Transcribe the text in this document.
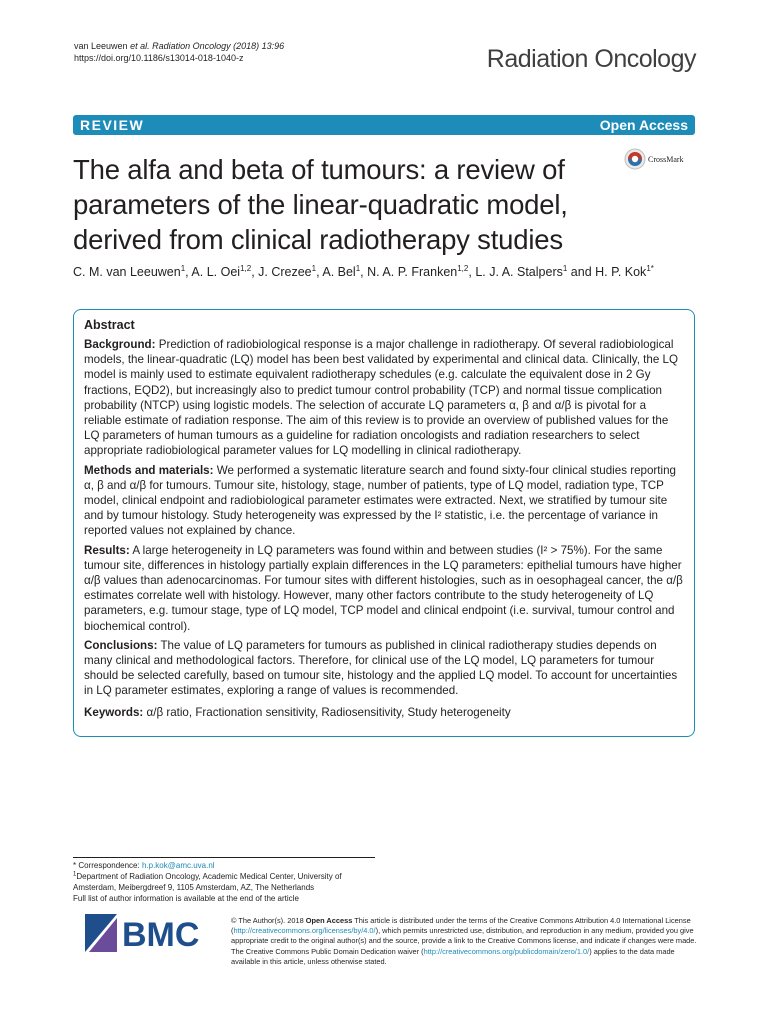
van Leeuwen et al. Radiation Oncology (2018) 13:96
https://doi.org/10.1186/s13014-018-1040-z	Radiation Oncology
REVIEW	Open Access
The alfa and beta of tumours: a review of parameters of the linear-quadratic model, derived from clinical radiotherapy studies
CrossMark
C. M. van Leeuwen$^1$, A. L. Oei$^{1,2}$, J. Crezee$^1$, A. Bel$^1$, N. A. P. Franken$^{1,2}$, L. J. A. Stalpers$^1$ and H. P. Kok$^{1*}$
Abstract

Background: Prediction of radiobiological response is a major challenge in radiotherapy. Of several radiobiological models, the linear-quadratic (LQ) model has been best validated by experimental and clinical data. Clinically, the LQ model is mainly used to estimate equivalent radiotherapy schedules (e.g. calculate the equivalent dose in 2 Gy fractions, EQD2), but increasingly also to predict tumour control probability (TCP) and normal tissue complication probability (NTCP) using logistic models. The selection of accurate LQ parameters α, β and α/β is pivotal for a reliable estimate of radiation response. The aim of this review is to provide an overview of published values for the LQ parameters of human tumours as a guideline for radiation oncologists and radiation researchers to select appropriate radiobiological parameter values for LQ modelling in clinical radiotherapy.

Methods and materials: We performed a systematic literature search and found sixty-four clinical studies reporting α, β and α/β for tumours. Tumour site, histology, stage, number of patients, type of LQ model, radiation type, TCP model, clinical endpoint and radiobiological parameter estimates were extracted. Next, we stratified by tumour site and by tumour histology. Study heterogeneity was expressed by the I² statistic, i.e. the percentage of variance in reported values not explained by chance.

Results: A large heterogeneity in LQ parameters was found within and between studies (I² > 75%). For the same tumour site, differences in histology partially explain differences in the LQ parameters: epithelial tumours have higher α/β values than adenocarcinomas. For tumour sites with different histologies, such as in oesophageal cancer, the α/β estimates correlate well with histology. However, many other factors contribute to the study heterogeneity of LQ parameters, e.g. tumour stage, type of LQ model, TCP model and clinical endpoint (i.e. survival, tumour control and biochemical control).

Conclusions: The value of LQ parameters for tumours as published in clinical radiotherapy studies depends on many clinical and methodological factors. Therefore, for clinical use of the LQ model, LQ parameters for tumour should be selected carefully, based on tumour site, histology and the applied LQ model. To account for uncertainties in LQ parameter estimates, exploring a range of values is recommended.

Keywords: α/β ratio, Fractionation sensitivity, Radiosensitivity, Study heterogeneity

* Correspondence: h.p.kok@amc.uva.nl
$^1$Department of Radiation Oncology, Academic Medical Center, University of Amsterdam, Meibergdreef 9, 1105 Amsterdam, AZ, The Netherlands
Full list of author information is available at the end of the article
BMC	© The Author(s). 2018 Open Access This article is distributed under the terms of the Creative Commons Attribution 4.0 International License (http://creativecommons.org/licenses/by/4.0/), which permits unrestricted use, distribution, and reproduction in any medium, provided you give appropriate credit to the original author(s) and the source, provide a link to the Creative Commons license, and indicate if changes were made. The Creative Commons Public Domain Dedication waiver (http://creativecommons.org/publicdomain/zero/1.0/) applies to the data made available in this article, unless otherwise stated.
